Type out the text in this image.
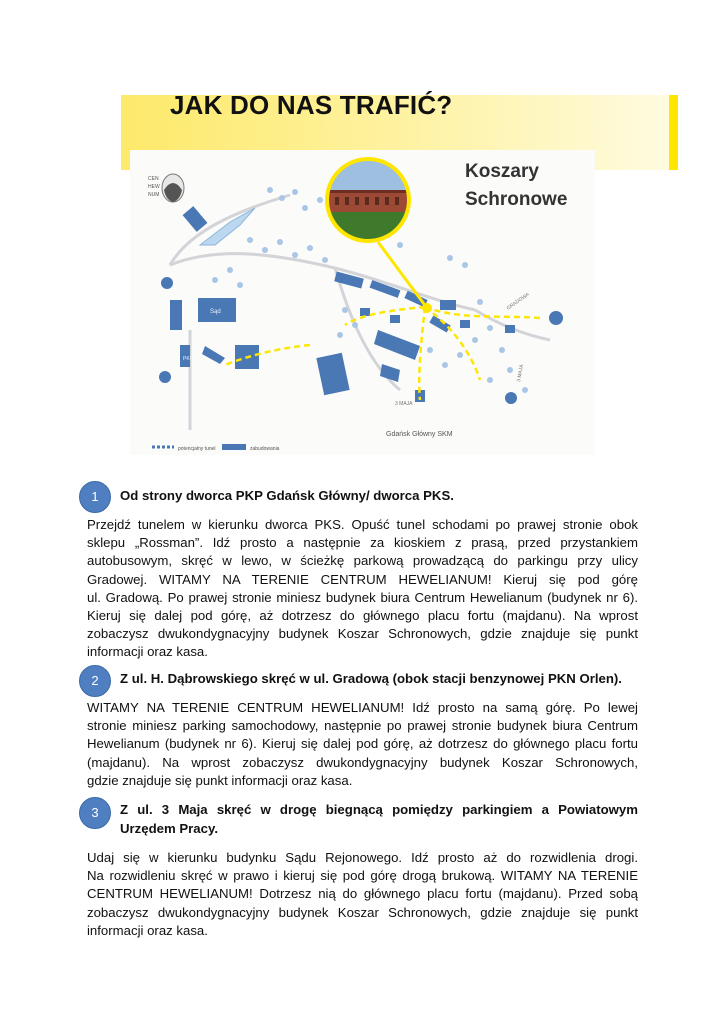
JAK DO NAS TRAFIĆ?
CEN
HEW
NUM
Koszary
Schronowe
Sąd
PKP
GRADOWA
3 MAJA
3 MAJA
Gdańsk Główny SKM
potencjalny tunel	zabudowania
1	Od strony dworca PKP Gdańsk Główny/ dworca PKS.
Przejdź tunelem w kierunku dworca PKS. Opuść tunel schodami po prawej stronie obok
sklepu „Rossman”. Idź prosto a następnie za kioskiem z prasą, przed przystankiem
autobusowym, skręć w lewo, w ścieżkę parkową prowadzącą do parkingu przy ulicy
Gradowej. WITAMY NA TERENIE CENTRUM HEWELIANUM! Kieruj się pod górę
ul. Gradową. Po prawej stronie miniesz budynek biura Centrum Hewelianum (budynek nr 6).
Kieruj się dalej pod górę, aż dotrzesz do głównego placu fortu (majdanu). Na wprost
zobaczysz dwukondygnacyjny budynek Koszar Schronowych, gdzie znajduje się punkt
informacji oraz kasa.
2	Z ul. H. Dąbrowskiego skręć w ul. Gradową (obok stacji benzynowej PKN Orlen).
WITAMY NA TERENIE CENTRUM HEWELIANUM! Idź prosto na samą górę. Po lewej
stronie miniesz parking samochodowy, następnie po prawej stronie budynek biura Centrum
Hewelianum (budynek nr 6). Kieruj się dalej pod górę, aż dotrzesz do głównego placu fortu
(majdanu). Na wprost zobaczysz dwukondygnacyjny budynek Koszar Schronowych,
gdzie znajduje się punkt informacji oraz kasa.
3	Z ul. 3 Maja skręć w drogę biegnącą pomiędzy parkingiem a Powiatowym
Urzędem Pracy.
Udaj się w kierunku budynku Sądu Rejonowego. Idź prosto aż do rozwidlenia drogi.
Na rozwidleniu skręć w prawo i kieruj się pod górę drogą brukową. WITAMY NA TERENIE
CENTRUM HEWELIANUM! Dotrzesz nią do głównego placu fortu (majdanu). Przed sobą
zobaczysz dwukondygnacyjny budynek Koszar Schronowych, gdzie znajduje się punkt
informacji oraz kasa.
